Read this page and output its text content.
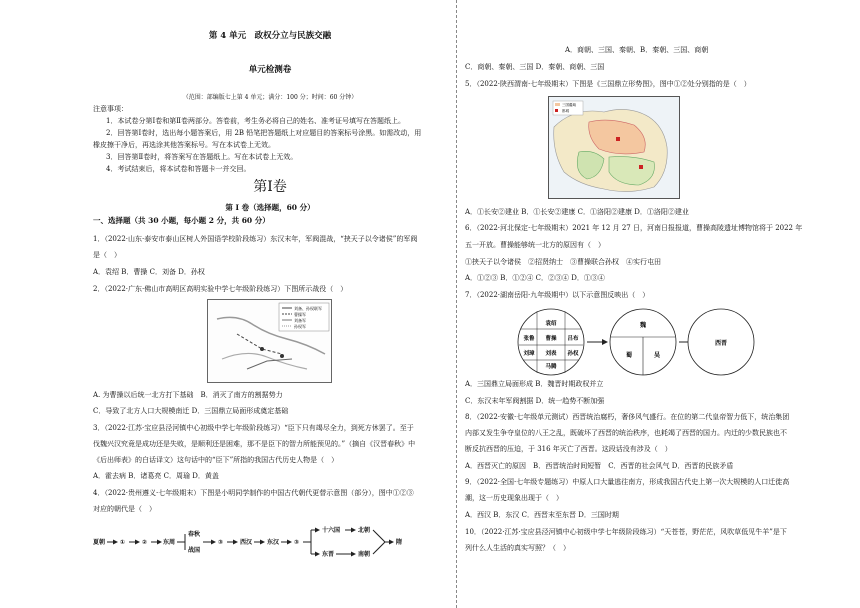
第 4 单元　政权分立与民族交融
单元检测卷
（范围：部编版七上第 4 单元；满分：100 分；时间：60 分钟）
注意事项：
1．本试卷分第Ⅰ卷和第Ⅱ卷两部分。答卷前，考生务必将自己的姓名、准考证号填写在答题纸上。
2．回答第Ⅰ卷时，选出每小题答案后，用 2B 铅笔把答题纸上对应题目的答案标号涂黑。如需改动，用
橡皮擦干净后，再选涂其他答案标号。写在本试卷上无效。
3．回答第Ⅱ卷时，将答案写在答题纸上。写在本试卷上无效。
4．考试结束后，将本试卷和答题卡一并交回。
第Ⅰ卷
第 I 卷（选择题，60 分）
一、选择题（共 30 小题，每小题 2 分，共 60 分）
1．（2022·山东·泰安市泰山区树人外国语学校阶段练习）东汉末年，军阀混战，“挟天子以令诸侯”的军阀
是（　）
A．袁绍 B．曹操 C．刘备 D．孙权
2．（2022·广东·佛山市高明区高明实验中学七年级阶段练习）下图所示战役（　）
刘备、孙权联军
曹操军
刘备军
孙权军
A. 为曹操以后统一北方打下基础　B．消灭了南方的割据势力
C．导致了北方人口大规模南迁 D．三国鼎立局面形成奠定基础
3．（2022·江苏·宝应县泾河镇中心初级中学七年级阶段练习）“臣下只有竭尽全力，到死方休罢了。至于
伐魏兴汉究竟是成功还是失败，是顺利还是困难，那不是臣下的智力所能预见的。”（摘自《汉晋春秋》中
《后出师表》的白话译文）这句话中的“臣下”所指的我国古代历史人物是（　）
A．霍去病 B．诸葛亮 C．周瑜 D．黄盖
4．（2022·贵州遵义·七年级期末）下图是小明同学制作的中国古代朝代更替示意图（部分），图中①②③
对应的朝代是（　）
夏朝 ①	②	东周
春秋
战国
③	西汉 东汉 ③
十六国	北朝
东晋	南朝
隋
A．商朝、三国、秦朝、B．秦朝、三国、商朝
C．商朝、秦朝、三国 D．秦朝、商朝、三国
5．（2022·陕西渭南·七年级期末）下图是《三国鼎立形势图》，图中①②处分别指的是（　）
三国疆域
都城
A．①长安②建业 B．①长安②建康 C．①洛阳②建康 D．①洛阳②建业
6．（2022·河北保定·七年级期末）2021 年 12 月 27 日，河南日报报道，曹操高陵遗址博物馆将于 2022 年
五一开放。曹操能够统一北方的原因有（　）
①挟天子以令诸侯　②招贤纳士　③曹操联合孙权　④实行屯田
A．①②③ B．①②④ C．②③④ D．①③④
7．（2022·湖南岳阳·九年级期中）以下示意图反映出（　）
袁绍
曹操 吕布
刘表
刘璋	孙权
张鲁
马腾
魏
蜀	吴
西晋
A．三国鼎立局面形成 B．魏晋时期政权并立
C．东汉末年军阀割据 D．统一趋势不断加强
8．（2022·安徽·七年级单元测试）西晋统治腐朽，奢侈风气盛行。在位的第二代皇帝智力低下，统治集团
内部又发生争夺皇位的八王之乱，既破坏了西晋的统治秩序，也耗竭了西晋的国力。内迁的少数民族也不
断反抗西晋的压迫，于 316 年灭亡了西晋。这段话没有涉及（　）
A．西晋灭亡的原因　B．西晋统治时间短暂　C．西晋的社会风气 D．西晋的民族矛盾
9．（2022·全国·七年级专题练习）中原人口大量逃往南方，形成我国古代史上第一次大规模的人口迁徙高
潮，这一历史现象出现于（　）
A．西汉 B．东汉 C．西晋末至东晋 D．三国时期
10．（2022·江苏·宝应县泾河镇中心初级中学七年级阶段练习）“天苍苍，野茫茫，风吹草低见牛羊”是下
列什么人生活的真实写照？（　）
